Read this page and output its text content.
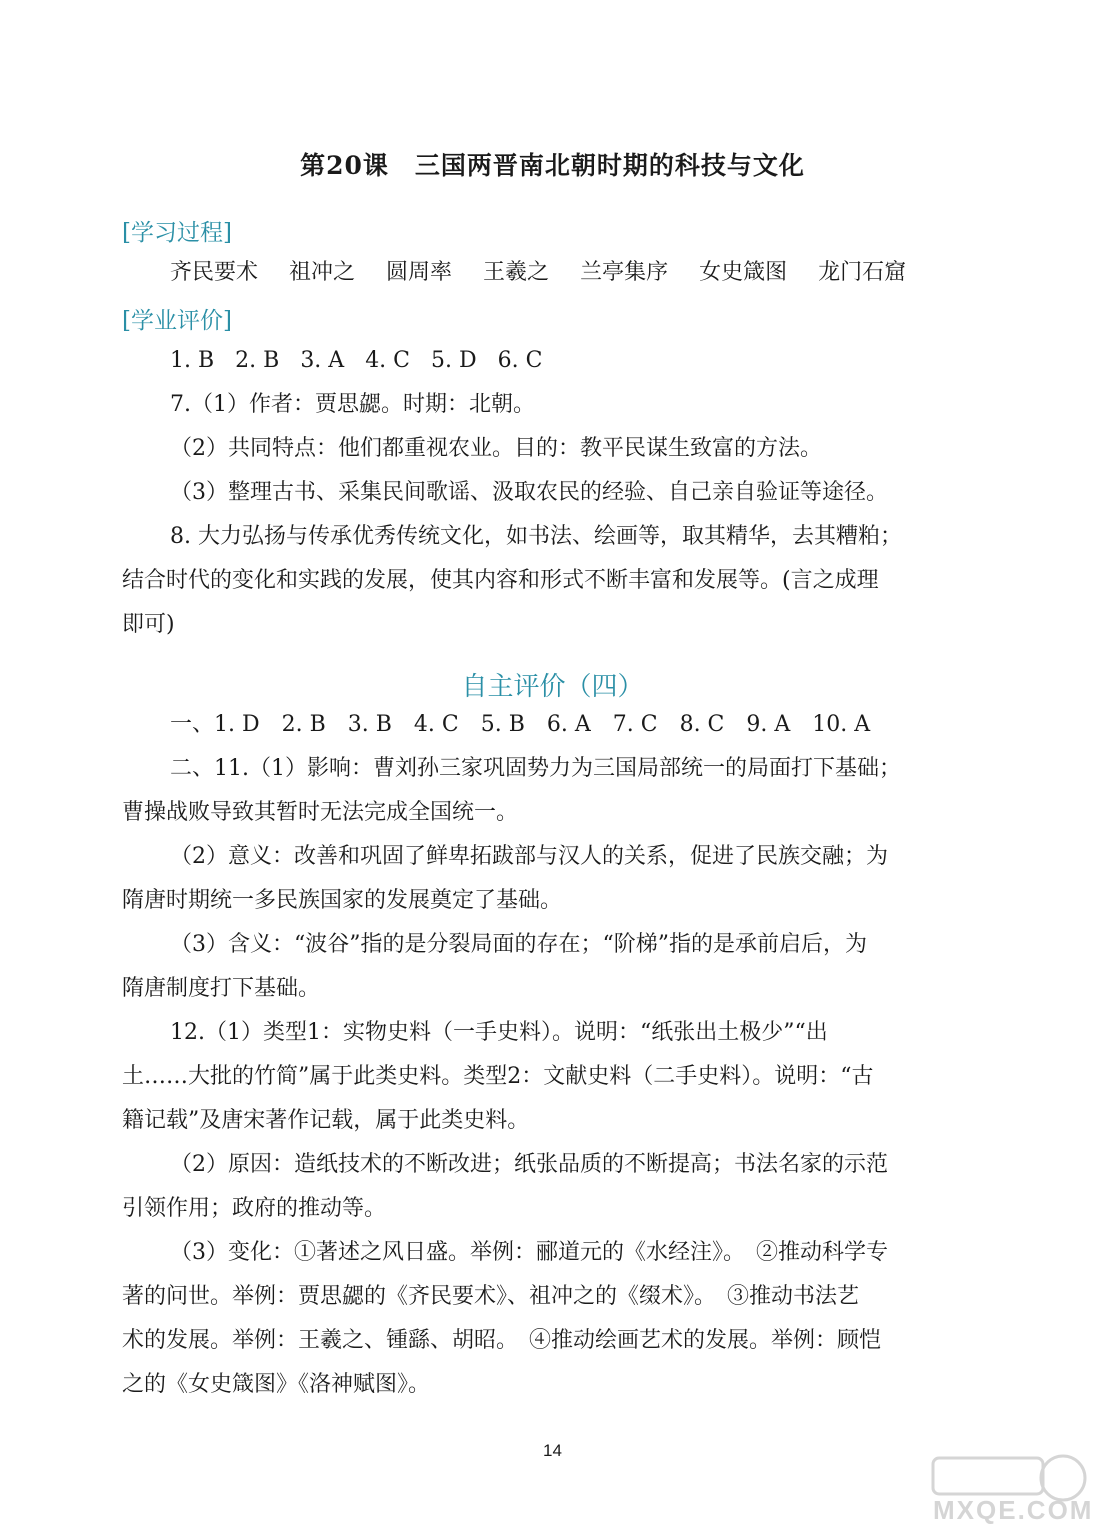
第20课　三国两晋南北朝时期的科技与文化
[学习过程]
齐民要术 祖冲之 圆周率 王羲之 兰亭集序 女史箴图 龙门石窟
[学业评价]
1. B 2. B 3. A 4. C 5. D 6. C
7.（1）作者：贾思勰。时期：北朝。
（2）共同特点：他们都重视农业。目的：教平民谋生致富的方法。
（3）整理古书、采集民间歌谣、汲取农民的经验、自己亲自验证等途径。
8. 大力弘扬与传承优秀传统文化，如书法、绘画等，取其精华，去其糟粕；
结合时代的变化和实践的发展，使其内容和形式不断丰富和发展等。(言之成理
即可)
自主评价（四）
一、1. D　2. B　3. B　4. C　5. B　6. A　7. C　8. C　9. A　10. A
二、11.（1）影响：曹刘孙三家巩固势力为三国局部统一的局面打下基础；
曹操战败导致其暂时无法完成全国统一。
（2）意义：改善和巩固了鲜卑拓跋部与汉人的关系，促进了民族交融；为
隋唐时期统一多民族国家的发展奠定了基础。
（3）含义：“波谷”指的是分裂局面的存在；“阶梯”指的是承前启后，为
隋唐制度打下基础。
12.（1）类型1：实物史料（一手史料）。说明：“纸张出土极少”“出
土……大批的竹简”属于此类史料。类型2：文献史料（二手史料）。说明：“古
籍记载”及唐宋著作记载，属于此类史料。
（2）原因：造纸技术的不断改进；纸张品质的不断提高；书法名家的示范
引领作用；政府的推动等。
（3）变化：①著述之风日盛。举例：郦道元的《水经注》。　②推动科学专
著的问世。举例：贾思勰的《齐民要术》、祖冲之的《缀术》。　③推动书法艺
术的发展。举例：王羲之、锺繇、胡昭。　④推动绘画艺术的发展。举例：顾恺
之的《女史箴图》《洛神赋图》。
14
MXQE.COM
